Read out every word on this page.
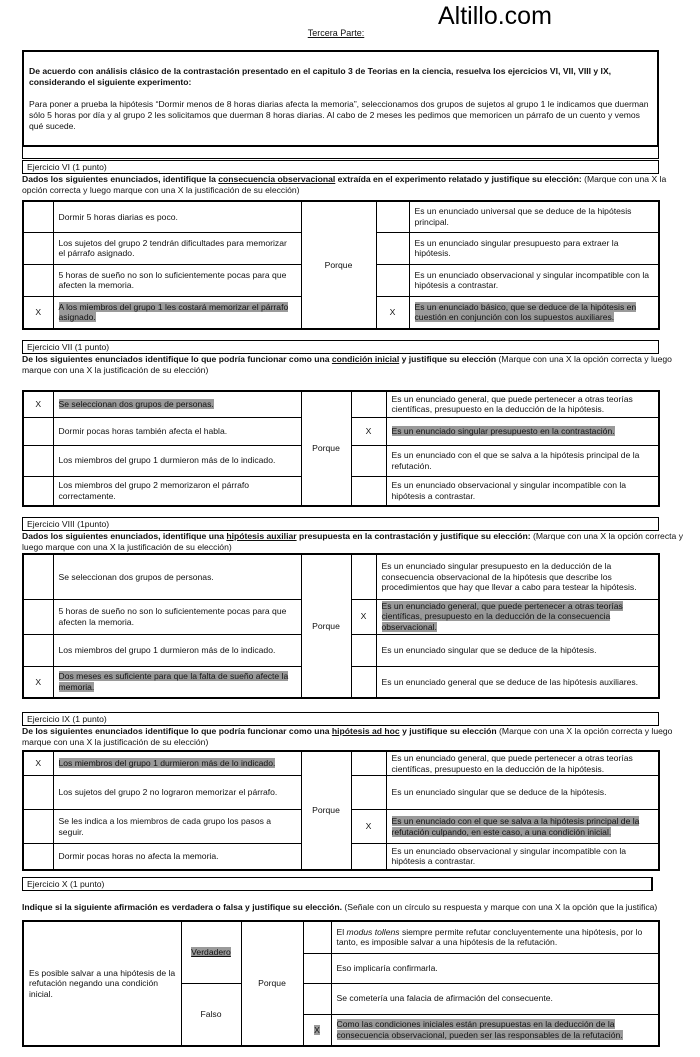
Altillo.com
Tercera Parte:

De acuerdo con análisis clásico de la contrastación presentado en el capitulo 3 de Teorias en la ciencia, resuelva los ejercicios VI, VII, VIII y IX, considerando el siguiente experimento:

Para poner a prueba la hipótesis “Dormir menos de 8 horas diarias afecta la memoria”, seleccionamos dos grupos de sujetos al grupo 1 le indicamos que duerman sólo 5 horas por día y al grupo 2 les solicitamos que duerman 8 horas diarias. Al cabo de 2 meses les pedimos que memoricen un párrafo de un cuento y vemos qué sucede.

Ejercicio VI (1 punto)
Dados los siguientes enunciados, identifique la consecuencia observacional extraída en el experimento relatado y justifique su elección: (Marque con una X la opción correcta y luego marque con una X la justificación de su elección)
	Dormir 5 horas diarias es poco.	Porque		Es un enunciado universal que se deduce de la hipótesis principal.
	Los sujetos del grupo 2 tendrán dificultades para memorizar el párrafo asignado.			Es un enunciado singular presupuesto para extraer la hipótesis.
	5 horas de sueño no son lo suficientemente pocas para que afecten la memoria.			Es un enunciado observacional y singular incompatible con la hipótesis a contrastar.
X	A los miembros del grupo 1 les costará memorizar el párrafo asignado.		X	Es un enunciado básico, que se deduce de la hipótesis en cuestión en conjunción con los supuestos auxiliares.
Ejercicio VII (1 punto)
De los siguientes enunciados identifique lo que podría funcionar como una condición inicial y justifique su elección (Marque con una X la opción correcta y luego marque con una X la justificación de su elección)
X	Se seleccionan dos grupos de personas.	Porque		Es un enunciado general, que puede pertenecer a otras teorías científicas, presupuesto en la deducción de la hipótesis.
	Dormir pocas horas también afecta el habla.		X	Es un enunciado singular presupuesto en la contrastación.
	Los miembros del grupo 1 durmieron más de lo indicado.			Es un enunciado con el que se salva a la hipótesis principal de la refutación.
	Los miembros del grupo 2 memorizaron el párrafo correctamente.			Es un enunciado observacional y singular incompatible con la hipótesis a contrastar.
Ejercicio VIII (1punto)
Dados los siguientes enunciados, identifique una hipótesis auxiliar presupuesta en la contrastación y justifique su elección: (Marque con una X la opción correcta y luego marque con una X la justificación de su elección)
	Se seleccionan dos grupos de personas.	Porque		Es un enunciado singular presupuesto en la deducción de la consecuencia observacional de la hipótesis que describe los procedimientos que hay que llevar a cabo para testear la hipótesis.
	5 horas de sueño no son lo suficientemente pocas para que afecten la memoria.		X	Es un enunciado general, que puede pertenecer a otras teorías científicas, presupuesto en la deducción de la consecuencia observacional.
	Los miembros del grupo 1 durmieron más de lo indicado.			Es un enunciado singular que se deduce de la hipótesis.
X	Dos meses es suficiente para que la falta de sueño afecte la memoria.			Es un enunciado general que se deduce de las hipótesis auxiliares.
Ejercicio IX (1 punto)
De los siguientes enunciados identifique lo que podría funcionar como una hipótesis ad hoc y justifique su elección (Marque con una X la opción correcta y luego marque con una X la justificación de su elección)
X	Los miembros del grupo 1 durmieron más de lo indicado.	Porque		Es un enunciado general, que puede pertenecer a otras teorías científicas, presupuesto en la deducción de la hipótesis.
	Los sujetos del grupo 2 no lograron memorizar el párrafo.			Es un enunciado singular que se deduce de la hipótesis.
	Se les indica a los miembros de cada grupo los pasos a seguir.		X	Es un enunciado con el que se salva a la hipótesis principal de la refutación culpando, en este caso, a una condición inicial.
	Dormir pocas horas no afecta la memoria.			Es un enunciado observacional y singular incompatible con la hipótesis a contrastar.
Ejercicio X (1 punto)
Indique si la siguiente afirmación es verdadera o falsa y justifique su elección. (Señale con un círculo su respuesta y marque con una X la opción que la justifica)
Es posible salvar a una hipótesis de la refutación negando una condición inicial.	Verdadero	Porque		El modus tollens siempre permite refutar concluyentemente una hipótesis, por lo tanto, es imposible salvar a una hipótesis de la refutación.
				Eso implicaría confirmarla.
	Falso			Se cometería una falacia de afirmación del consecuente.
			X	Como las condiciones iniciales están presupuestas en la deducción de la consecuencia observacional, pueden ser las responsables de la refutación.
